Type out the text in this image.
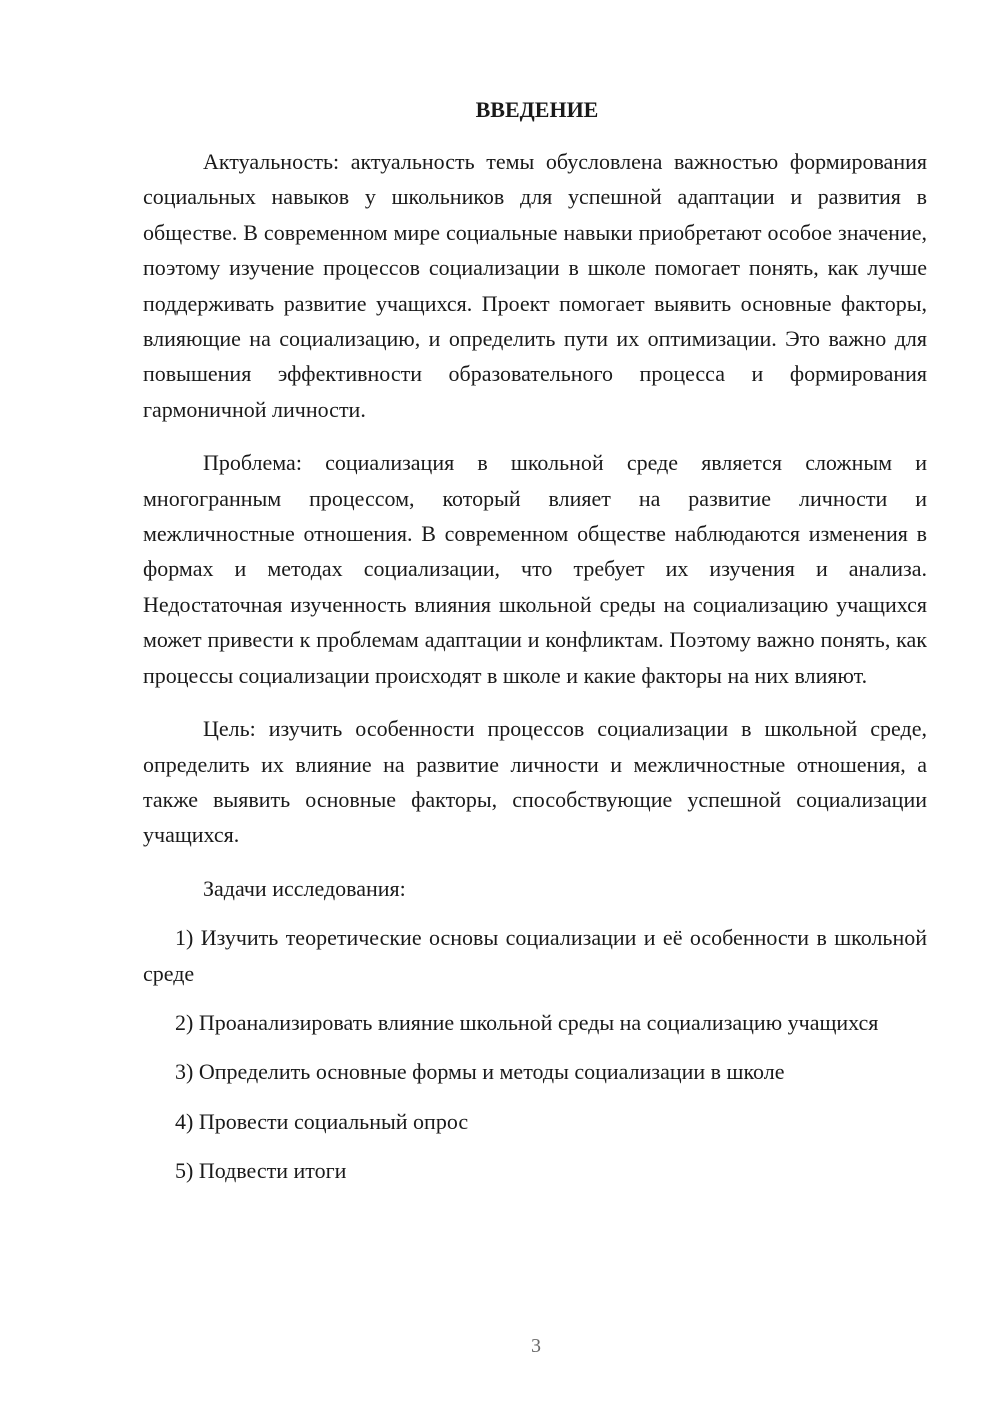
ВВЕДЕНИЕ

Актуальность: актуальность темы обусловлена важностью формирования социальных навыков у школьников для успешной адаптации и развития в обществе. В современном мире социальные навыки приобретают особое значение, поэтому изучение процессов социализации в школе помогает понять, как лучше поддерживать развитие учащихся. Проект помогает выявить основные факторы, влияющие на социализацию, и определить пути их оптимизации. Это важно для повышения эффективности образовательного процесса и формирования гармоничной личности.

Проблема: социализация в школьной среде является сложным и многогранным процессом, который влияет на развитие личности и межличностные отношения. В современном обществе наблюдаются изменения в формах и методах социализации, что требует их изучения и анализа. Недостаточная изученность влияния школьной среды на социализацию учащихся может привести к проблемам адаптации и конфликтам. Поэтому важно понять, как процессы социализации происходят в школе и какие факторы на них влияют.

Цель: изучить особенности процессов социализации в школьной среде, определить их влияние на развитие личности и межличностные отношения, а также выявить основные факторы, способствующие успешной социализации учащихся.

Задачи исследования:

1) Изучить теоретические основы социализации и её особенности в школьной среде

2) Проанализировать влияние школьной среды на социализацию учащихся

3) Определить основные формы и методы социализации в школе

4) Провести социальный опрос

5) Подвести итоги

3
